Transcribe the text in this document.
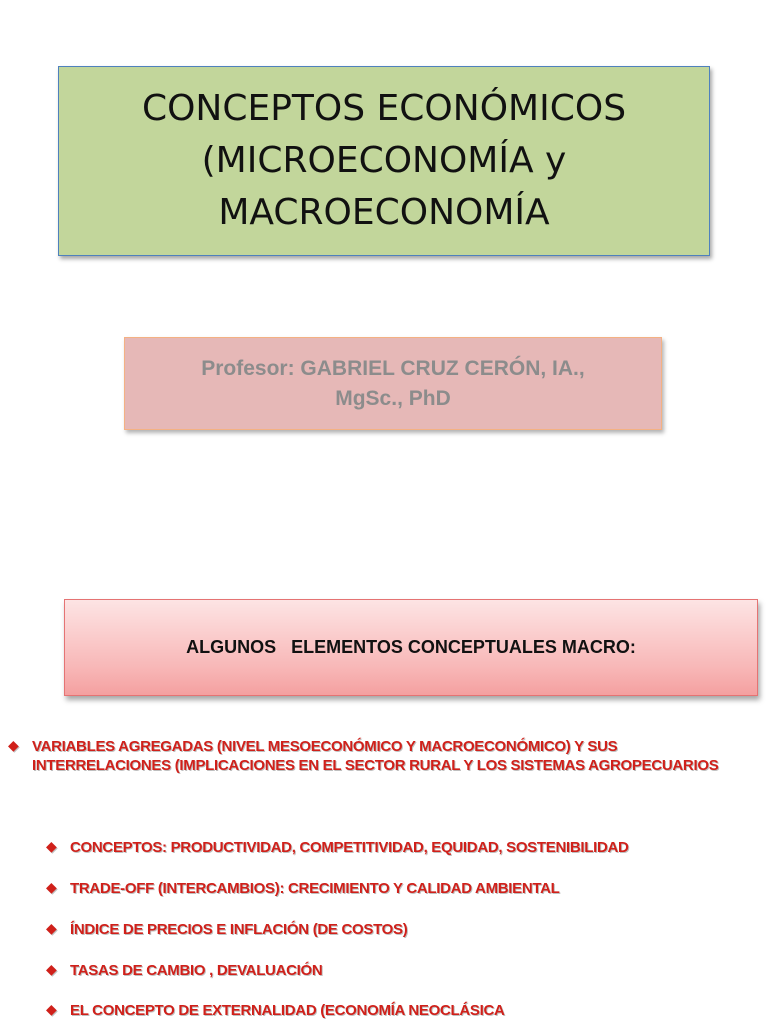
CONCEPTOS ECONÓMICOS
(MICROECONOMÍA y
MACROECONOMÍA
Profesor: GABRIEL CRUZ CERÓN, IA.,
MgSc., PhD
ALGUNOS   ELEMENTOS CONCEPTUALES MACRO:
◆ VARIABLES AGREGADAS (NIVEL MESOECONÓMICO Y MACROECONÓMICO) Y SUS INTERRELACIONES (IMPLICACIONES EN EL SECTOR RURAL Y LOS SISTEMAS AGROPECUARIOS
◆ CONCEPTOS: PRODUCTIVIDAD, COMPETITIVIDAD, EQUIDAD, SOSTENIBILIDAD
◆ TRADE-OFF (INTERCAMBIOS): CRECIMIENTO Y CALIDAD AMBIENTAL
◆ ÍNDICE DE PRECIOS E INFLACIÓN (DE COSTOS)
◆ TASAS DE CAMBIO , DEVALUACIÓN
◆ EL CONCEPTO DE EXTERNALIDAD (ECONOMÍA NEOCLÁSICA
